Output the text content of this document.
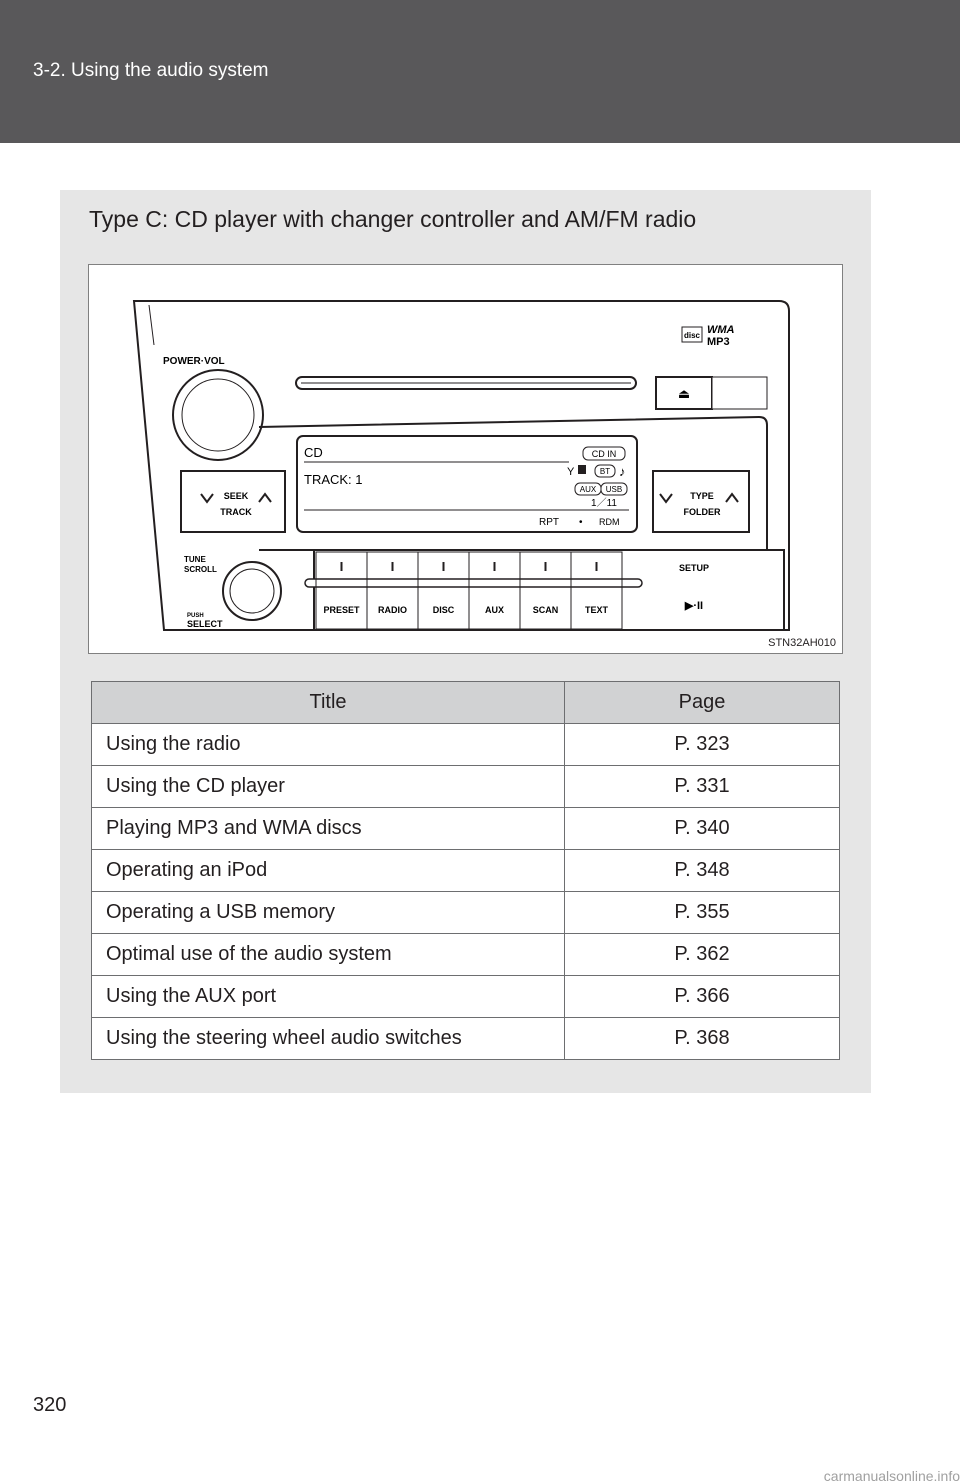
3-2. Using the audio system
Type C: CD player with changer controller and AM/FM radio
disc WMA
MP3
⏏
POWER·VOL
CD
TRACK: 1
CD IN
Y	BT ♪
AUX USB
1／11
RPT • RDM
SEEK
TRACK
TYPE
FOLDER
TUNE
SCROLL
PUSH
SELECT
PRESET RADIO	DISC	AUX	SCAN	TEXT
SETUP
▶·II
STN32AH010
Title	Page
Using the radio	P. 323
Using the CD player	P. 331
Playing MP3 and WMA discs	P. 340
Operating an iPod	P. 348
Operating a USB memory	P. 355
Optimal use of the audio system	P. 362
Using the AUX port	P. 366
Using the steering wheel audio switches	P. 368
320
carmanualsonline.info
